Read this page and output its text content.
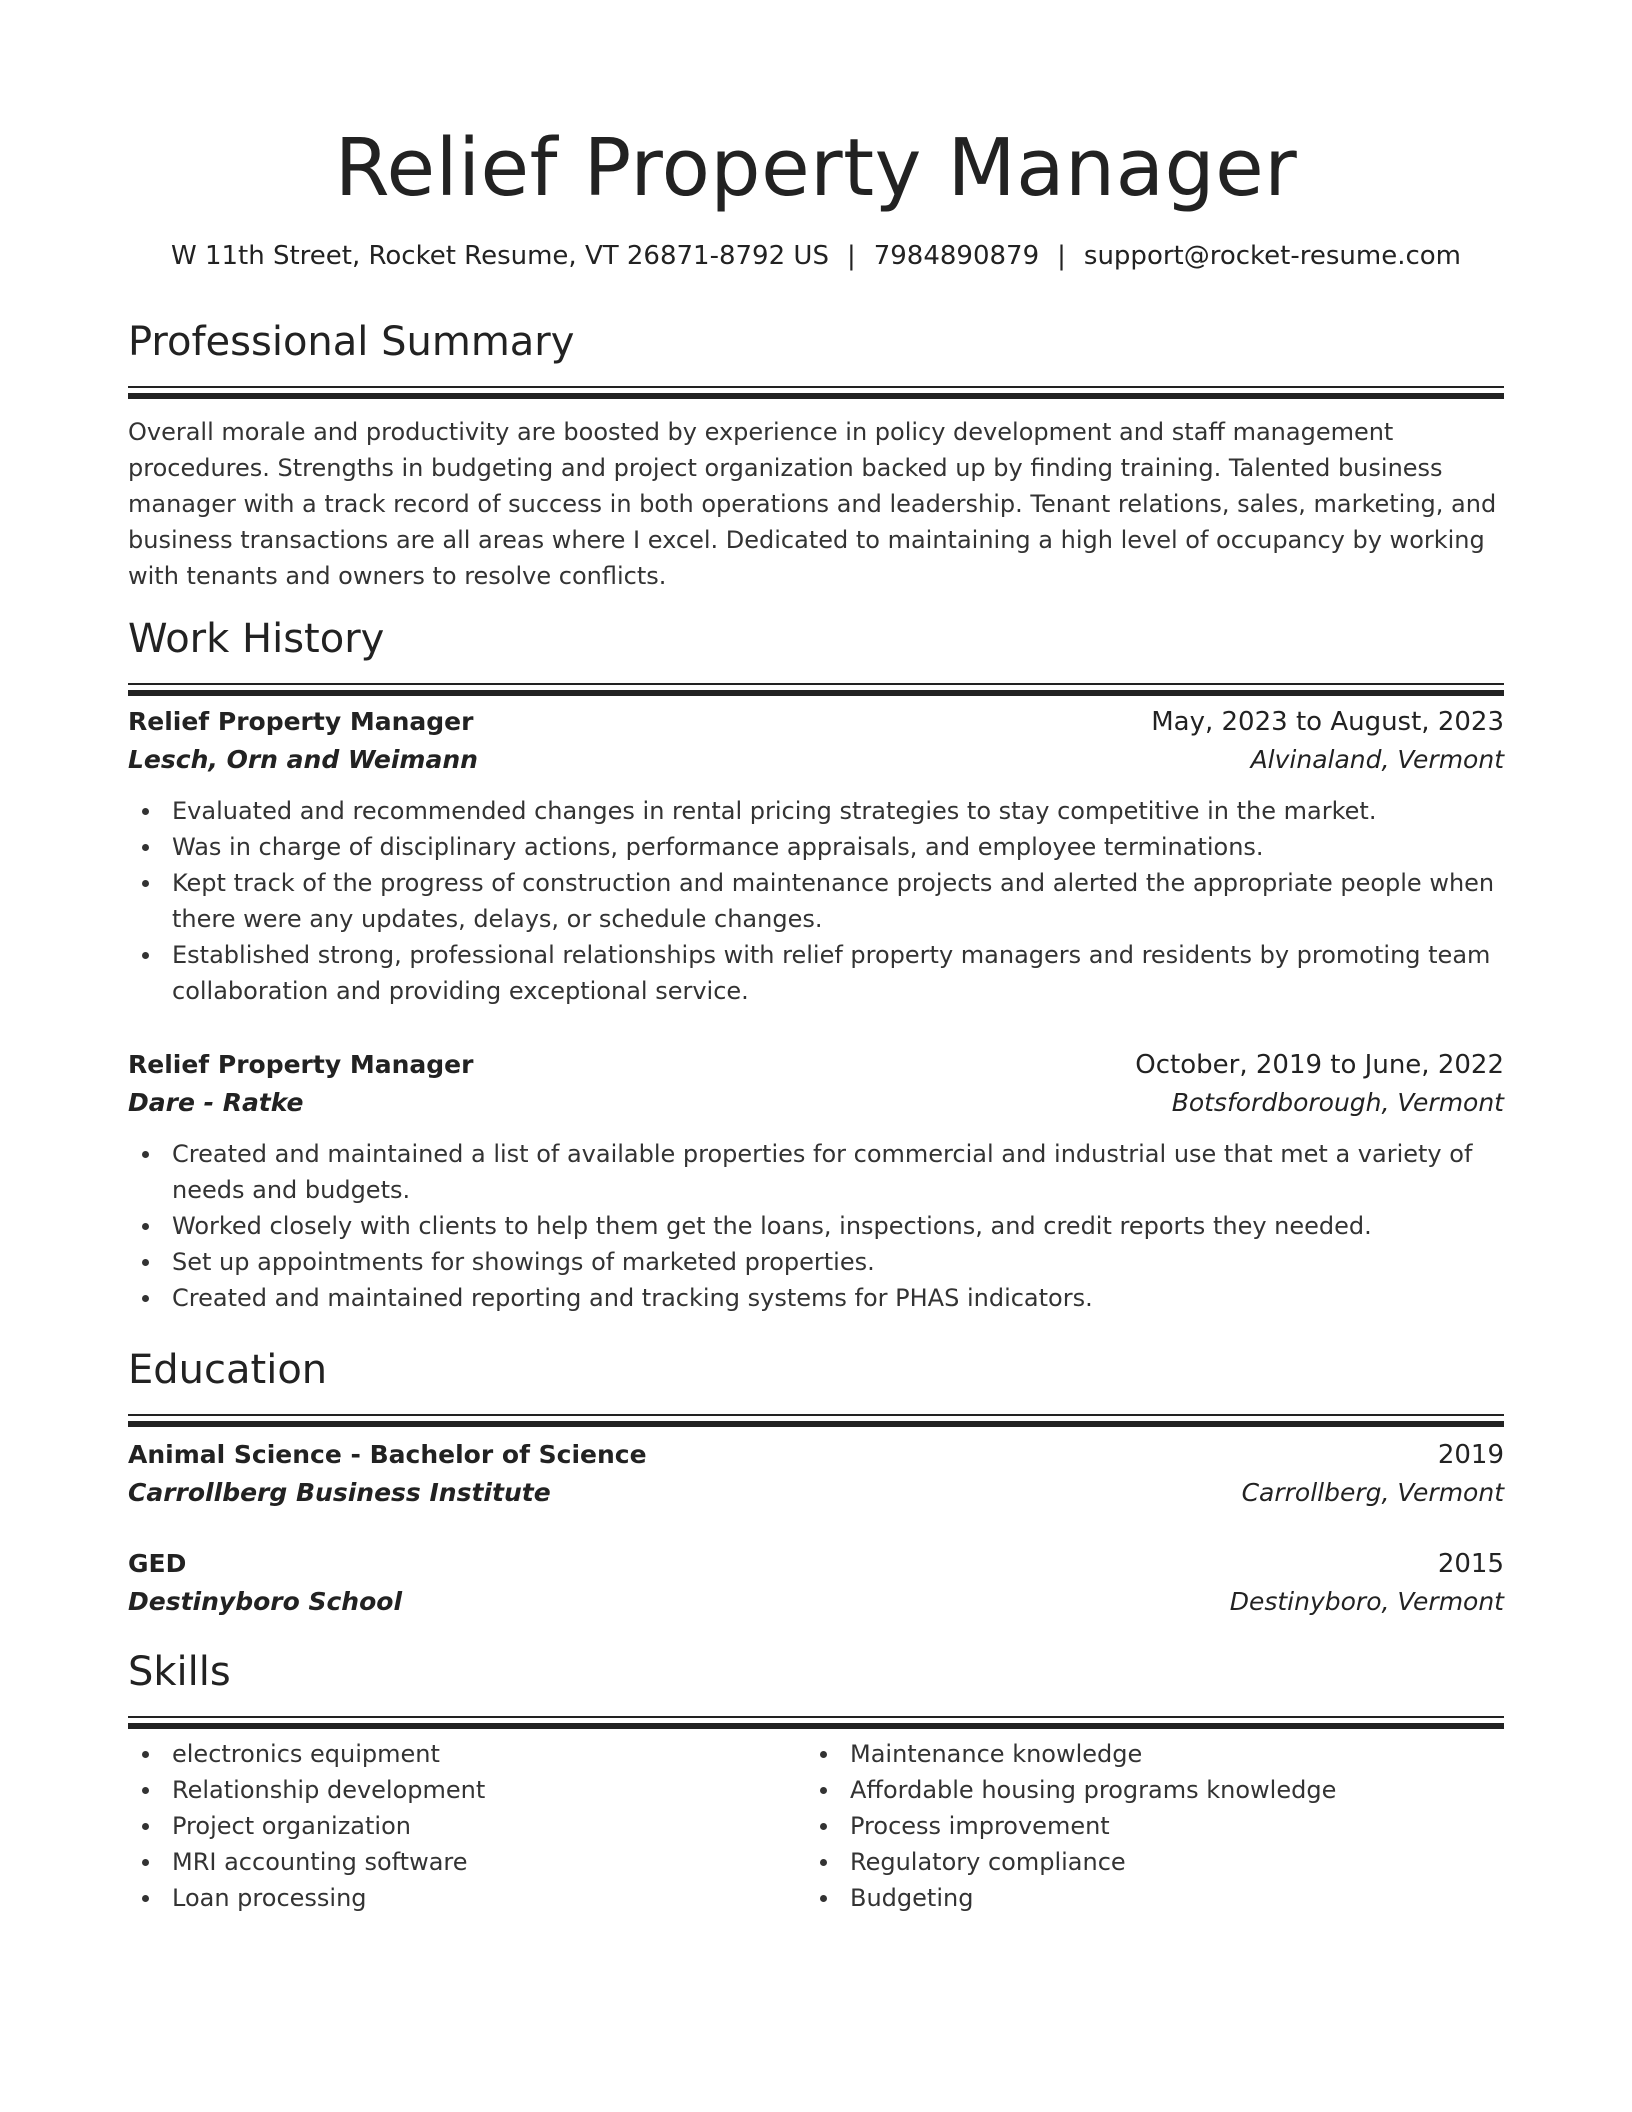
Relief Property Manager
W 11th Street, Rocket Resume, VT 26871-8792 US | 7984890879 | support@rocket-resume.com
Professional Summary

Overall morale and productivity are boosted by experience in policy development and staff management procedures. Strengths in budgeting and project organization backed up by finding training. Talented business manager with a track record of success in both operations and leadership. Tenant relations, sales, marketing, and business transactions are all areas where I excel. Dedicated to maintaining a high level of occupancy by working with tenants and owners to resolve conflicts.

Work History
Relief Property Manager	May, 2023 to August, 2023
Lesch, Orn and Weimann	Alvinaland, Vermont
Evaluated and recommended changes in rental pricing strategies to stay competitive in the market.
Was in charge of disciplinary actions, performance appraisals, and employee terminations.
Kept track of the progress of construction and maintenance projects and alerted the appropriate people when there were any updates, delays, or schedule changes.
Established strong, professional relationships with relief property managers and residents by promoting team collaboration and providing exceptional service.
Relief Property Manager	October, 2019 to June, 2022
Dare - Ratke	Botsfordborough, Vermont
Created and maintained a list of available properties for commercial and industrial use that met a variety of needs and budgets.
Worked closely with clients to help them get the loans, inspections, and credit reports they needed.
Set up appointments for showings of marketed properties.
Created and maintained reporting and tracking systems for PHAS indicators.
Education
Animal Science - Bachelor of Science	2019
Carrollberg Business Institute	Carrollberg, Vermont
GED	2015
Destinyboro School	Destinyboro, Vermont
Skills
electronics equipment
Relationship development
Project organization
MRI accounting software
Loan processing
Maintenance knowledge
Affordable housing programs knowledge
Process improvement
Regulatory compliance
Budgeting
